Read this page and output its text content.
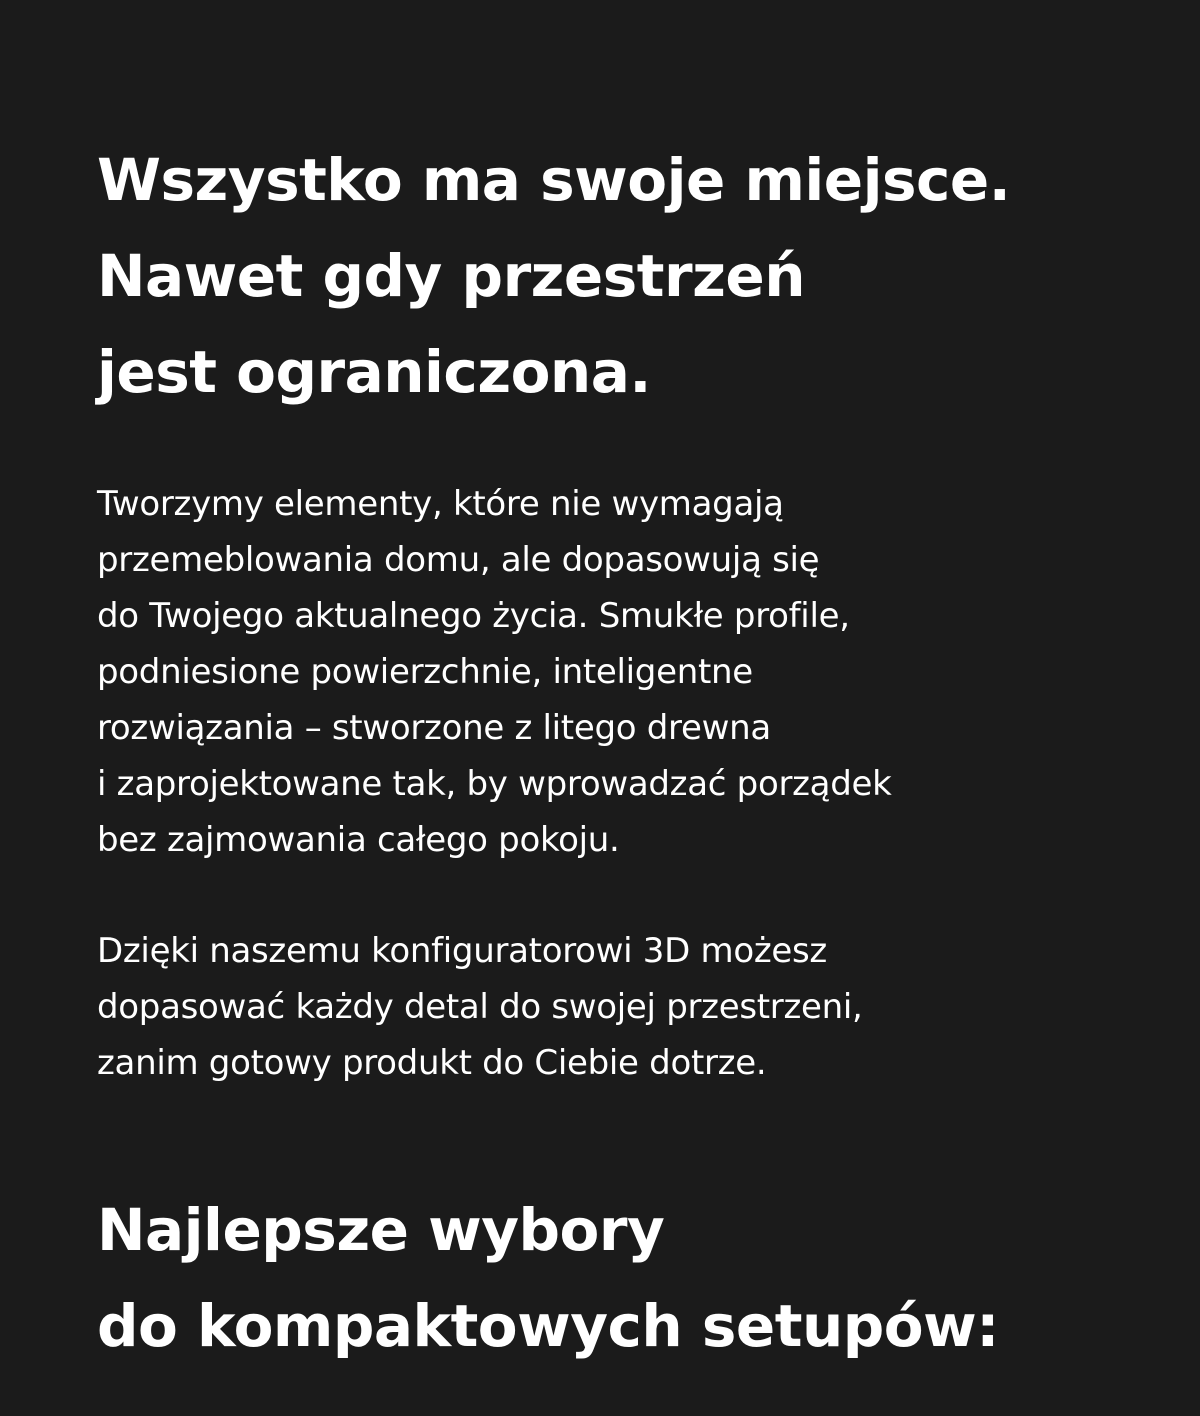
Wszystko ma swoje miejsce.
Nawet gdy przestrzeń
jest ograniczona.

Tworzymy elementy, które nie wymagają
przemeblowania domu, ale dopasowują się
do Twojego aktualnego życia. Smukłe profile,
podniesione powierzchnie, inteligentne
rozwiązania – stworzone z litego drewna
i zaprojektowane tak, by wprowadzać porządek
bez zajmowania całego pokoju.

Dzięki naszemu konfiguratorowi 3D możesz
dopasować każdy detal do swojej przestrzeni,
zanim gotowy produkt do Ciebie dotrze.

Najlepsze wybory
do kompaktowych setupów:
